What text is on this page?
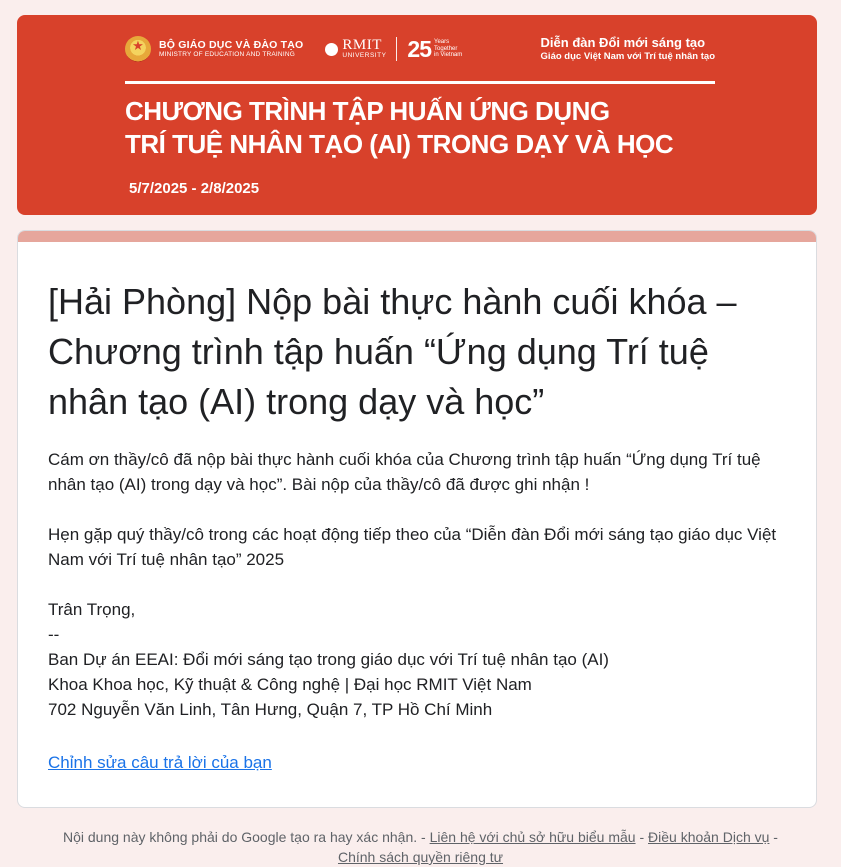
★
BỘ GIÁO DỤC VÀ ĐÀO TẠO
MINISTRY OF EDUCATION AND TRAINING
RMIT
UNIVERSITY 25 Years
Together
in Vietnam
Diễn đàn Đổi mới sáng tạo
Giáo dục Việt Nam với Trí tuệ nhân tạo
CHƯƠNG TRÌNH TẬP HUẤN ỨNG DỤNG
TRÍ TUỆ NHÂN TẠO (AI) TRONG DẠY VÀ HỌC
5/7/2025 - 2/8/2025
[Hải Phòng] Nộp bài thực hành cuối khóa – Chương trình tập huấn “Ứng dụng Trí tuệ nhân tạo (AI) trong dạy và học”

Cám ơn thầy/cô đã nộp bài thực hành cuối khóa của Chương trình tập huấn “Ứng dụng Trí tuệ nhân tạo (AI) trong dạy và học”. Bài nộp của thầy/cô đã được ghi nhận !

Hẹn gặp quý thầy/cô trong các hoạt động tiếp theo của “Diễn đàn Đổi mới sáng tạo giáo dục Việt Nam với Trí tuệ nhân tạo” 2025

Trân Trọng,

--

Ban Dự án EEAI: Đổi mới sáng tạo trong giáo dục với Trí tuệ nhân tạo (AI)

Khoa Khoa học, Kỹ thuật & Công nghệ | Đại học RMIT Việt Nam

702 Nguyễn Văn Linh, Tân Hưng, Quận 7, TP Hồ Chí Minh

Chỉnh sửa câu trả lời của bạn
Nội dung này không phải do Google tạo ra hay xác nhận. - Liên hệ với chủ sở hữu biểu mẫu - Điều khoản Dịch vụ -
Chính sách quyền riêng tư
